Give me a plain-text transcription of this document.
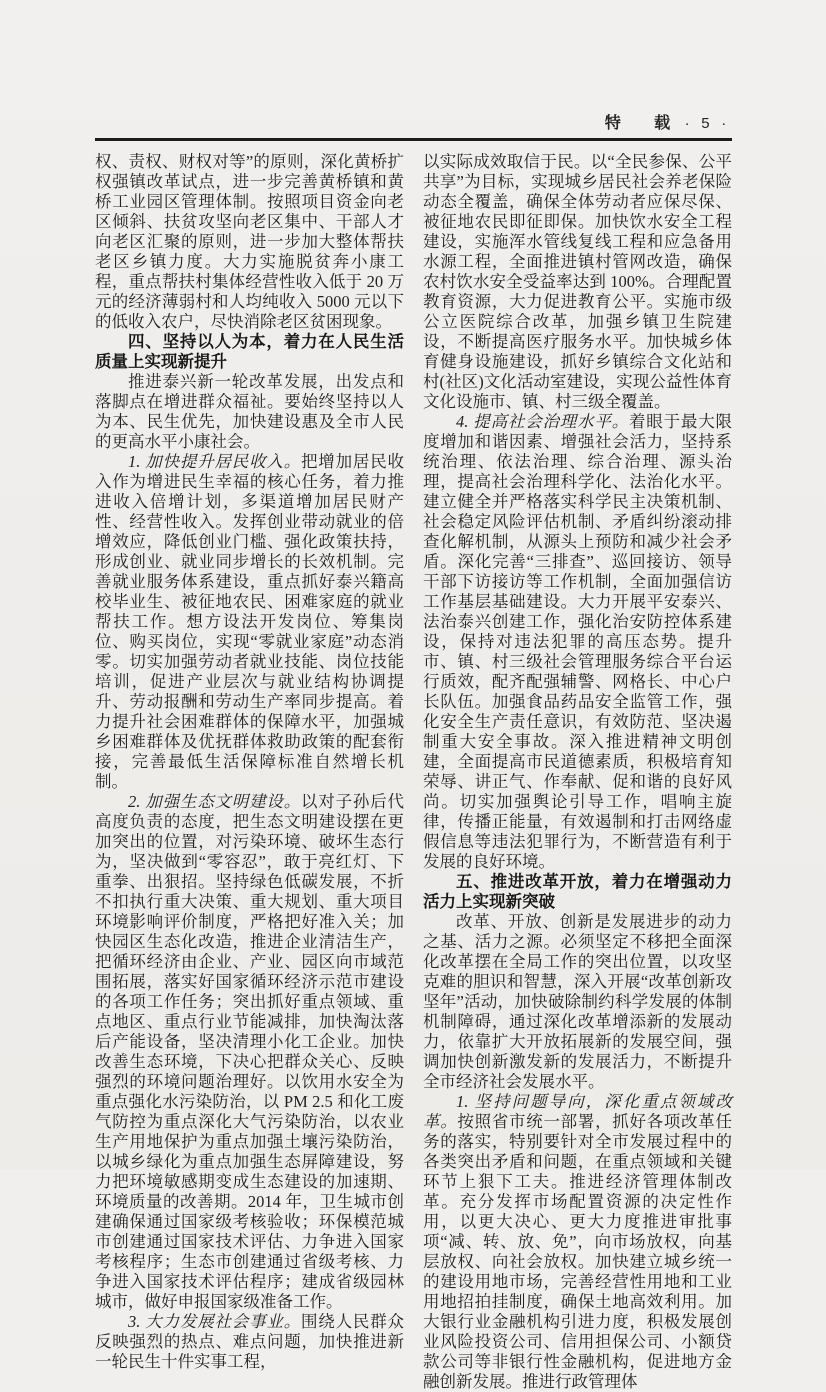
特 载 · 5 ·
权、责权、财权对等”的原则，深化黄桥扩权强镇改革试点，进一步完善黄桥镇和黄桥工业园区管理体制。按照项目资金向老区倾斜、扶贫攻坚向老区集中、干部人才向老区汇聚的原则，进一步加大整体帮扶老区乡镇力度。大力实施脱贫奔小康工程，重点帮扶村集体经营性收入低于 20 万元的经济薄弱村和人均纯收入 5000 元以下的低收入农户，尽快消除老区贫困现象。
四、坚持以人为本，着力在人民生活质量上实现新提升
推进泰兴新一轮改革发展，出发点和落脚点在增进群众福祉。要始终坚持以人为本、民生优先，加快建设惠及全市人民的更高水平小康社会。
1. 加快提升居民收入。把增加居民收入作为增进民生幸福的核心任务，着力推进收入倍增计划，多渠道增加居民财产性、经营性收入。发挥创业带动就业的倍增效应，降低创业门槛、强化政策扶持，形成创业、就业同步增长的长效机制。完善就业服务体系建设，重点抓好泰兴籍高校毕业生、被征地农民、困难家庭的就业帮扶工作。想方设法开发岗位、筹集岗位、购买岗位，实现“零就业家庭”动态消零。切实加强劳动者就业技能、岗位技能培训，促进产业层次与就业结构协调提升、劳动报酬和劳动生产率同步提高。着力提升社会困难群体的保障水平，加强城乡困难群体及优抚群体救助政策的配套衔接，完善最低生活保障标准自然增长机制。
2. 加强生态文明建设。以对子孙后代高度负责的态度，把生态文明建设摆在更加突出的位置，对污染环境、破坏生态行为，坚决做到“零容忍”，敢于亮红灯、下重拳、出狠招。坚持绿色低碳发展，不折不扣执行重大决策、重大规划、重大项目环境影响评价制度，严格把好准入关；加快园区生态化改造，推进企业清洁生产，把循环经济由企业、产业、园区向市域范围拓展，落实好国家循环经济示范市建设的各项工作任务；突出抓好重点领域、重点地区、重点行业节能减排，加快淘汰落后产能设备，坚决清理小化工企业。加快改善生态环境，下决心把群众关心、反映强烈的环境问题治理好。以饮用水安全为重点强化水污染防治，以 PM 2.5 和化工废气防控为重点深化大气污染防治，以农业生产用地保护为重点加强土壤污染防治，以城乡绿化为重点加强生态屏障建设，努力把环境敏感期变成生态建设的加速期、环境质量的改善期。2014 年，卫生城市创建确保通过国家级考核验收；环保模范城市创建通过国家技术评估、力争进入国家考核程序；生态市创建通过省级考核、力争进入国家技术评估程序；建成省级园林城市，做好申报国家级准备工作。
3. 大力发展社会事业。围绕人民群众反映强烈的热点、难点问题，加快推进新一轮民生十件实事工程，
以实际成效取信于民。以“全民参保、公平共享”为目标，实现城乡居民社会养老保险动态全覆盖，确保全体劳动者应保尽保、被征地农民即征即保。加快饮水安全工程建设，实施浑水管线复线工程和应急备用水源工程，全面推进镇村管网改造，确保农村饮水安全受益率达到 100%。合理配置教育资源，大力促进教育公平。实施市级公立医院综合改革，加强乡镇卫生院建设，不断提高医疗服务水平。加快城乡体育健身设施建设，抓好乡镇综合文化站和村(社区)文化活动室建设，实现公益性体育文化设施市、镇、村三级全覆盖。
4. 提高社会治理水平。着眼于最大限度增加和谐因素、增强社会活力，坚持系统治理、依法治理、综合治理、源头治理，提高社会治理科学化、法治化水平。建立健全并严格落实科学民主决策机制、社会稳定风险评估机制、矛盾纠纷滚动排查化解机制，从源头上预防和减少社会矛盾。深化完善“三排查”、巡回接访、领导干部下访接访等工作机制，全面加强信访工作基层基础建设。大力开展平安泰兴、法治泰兴创建工作，强化治安防控体系建设，保持对违法犯罪的高压态势。提升市、镇、村三级社会管理服务综合平台运行质效，配齐配强辅警、网格长、中心户长队伍。加强食品药品安全监管工作，强化安全生产责任意识，有效防范、坚决遏制重大安全事故。深入推进精神文明创建，全面提高市民道德素质，积极培育知荣辱、讲正气、作奉献、促和谐的良好风尚。切实加强舆论引导工作，唱响主旋律，传播正能量，有效遏制和打击网络虚假信息等违法犯罪行为，不断营造有利于发展的良好环境。
五、推进改革开放，着力在增强动力活力上实现新突破
改革、开放、创新是发展进步的动力之基、活力之源。必须坚定不移把全面深化改革摆在全局工作的突出位置，以攻坚克难的胆识和智慧，深入开展“改革创新攻坚年”活动，加快破除制约科学发展的体制机制障碍，通过深化改革增添新的发展动力，依靠扩大开放拓展新的发展空间，强调加快创新激发新的发展活力，不断提升全市经济社会发展水平。
1. 坚持问题导向，深化重点领域改革。按照省市统一部署，抓好各项改革任务的落实，特别要针对全市发展过程中的各类突出矛盾和问题，在重点领域和关键环节上狠下工夫。推进经济管理体制改革。充分发挥市场配置资源的决定性作用，以更大决心、更大力度推进审批事项“减、转、放、免”，向市场放权，向基层放权、向社会放权。加快建立城乡统一的建设用地市场，完善经营性用地和工业用地招拍挂制度，确保土地高效利用。加大银行业金融机构引进力度，积极发展创业风险投资公司、信用担保公司、小额贷款公司等非银行性金融机构，促进地方金融创新发展。推进行政管理体
